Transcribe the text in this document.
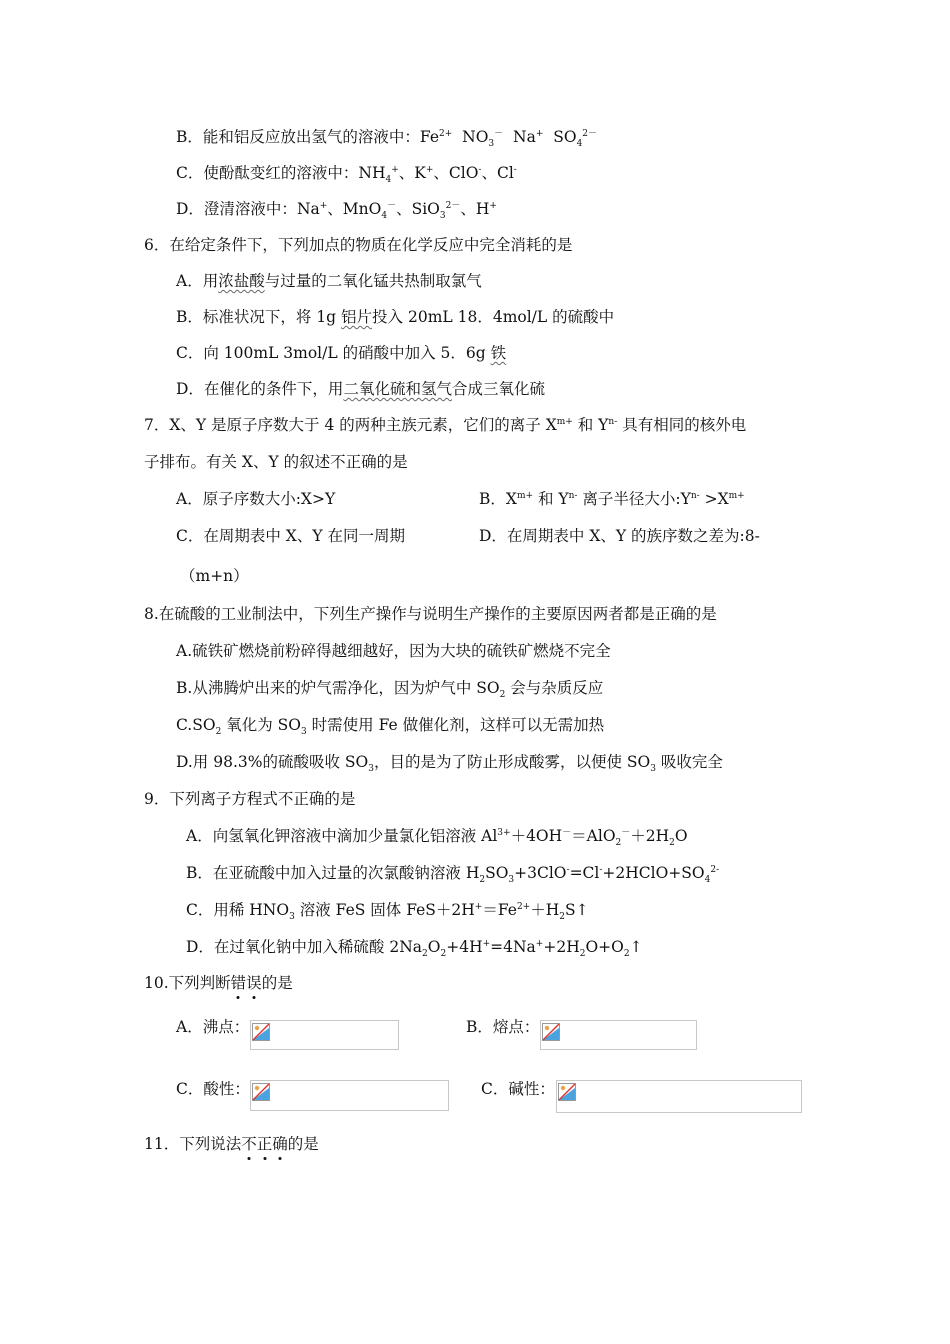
B．能和铝反应放出氢气的溶液中：$Fe^{2+}$  $NO_3^-$  Na+  $SO_4^{2-}$
C．使酚酞变红的溶液中：$NH_4^+$、K+、ClO-、Cl-
D．澄清溶液中：Na+、MnO$_4$－、SiO$_3^{2-}$、H+
6．在给定条件下，下列加点的物质在化学反应中完全消耗的是
A．用浓盐酸与过量的二氧化锰共热制取氯气
B．标准状况下，将 1g 铝片投入 20mL 18．4mol/L 的硫酸中
C．向 100mL 3mol/L 的硝酸中加入 5．6g 铁
D．在催化的条件下，用二氧化硫和氢气合成三氧化硫
7．X、Y 是原子序数大于 4 的两种主族元素，它们的离子 $X^{m+}$ 和 $Y^{n-}$ 具有相同的核外电
子排布。有关 X、Y 的叙述不正确的是
A．原子序数大小:X>Y	B．$X^{m+}$ 和 $Y^{n-}$ 离子半径大小$:Y^{n-} >X^{m+}$
C．在周期表中 X、Y 在同一周期	D．在周期表中 X、Y 的族序数之差为:8-
（m+n）
8.在硫酸的工业制法中，下列生产操作与说明生产操作的主要原因两者都是正确的是
A.硫铁矿燃烧前粉碎得越细越好，因为大块的硫铁矿燃烧不完全
B.从沸腾炉出来的炉气需净化，因为炉气中 $SO_2$ 会与杂质反应
$C.SO_2$ 氧化为 $SO_3$ 时需使用 Fe 做催化剂，这样可以无需加热
D.用 98.3%的硫酸吸收 $SO_3$，目的是为了防止形成酸雾，以便使 $SO_3$ 吸收完全
9．下列离子方程式不正确的是
A．向氢氧化钾溶液中滴加少量氯化铝溶液 $Al^{3+}+4OH^-=AlO_2^-+2H_2O$
B．在亚硫酸中加入过量的次氯酸钠溶液 $H_2SO_3+3ClO^-=Cl^-+2HClO+SO_4^{2-}$
C．用稀 $HNO_3$ 溶液 FeS 固体 $FeS+2H^+=Fe^{2+}+H_2S↑$
D．在过氧化钠中加入稀硫酸 $2Na_2O_2+4H^+=4Na^++2H_2O+O_2↑$
10.下列判断错误的是
A．沸点：	B．熔点：
C．酸性：	C．碱性：
11．下列说法不正确的是
